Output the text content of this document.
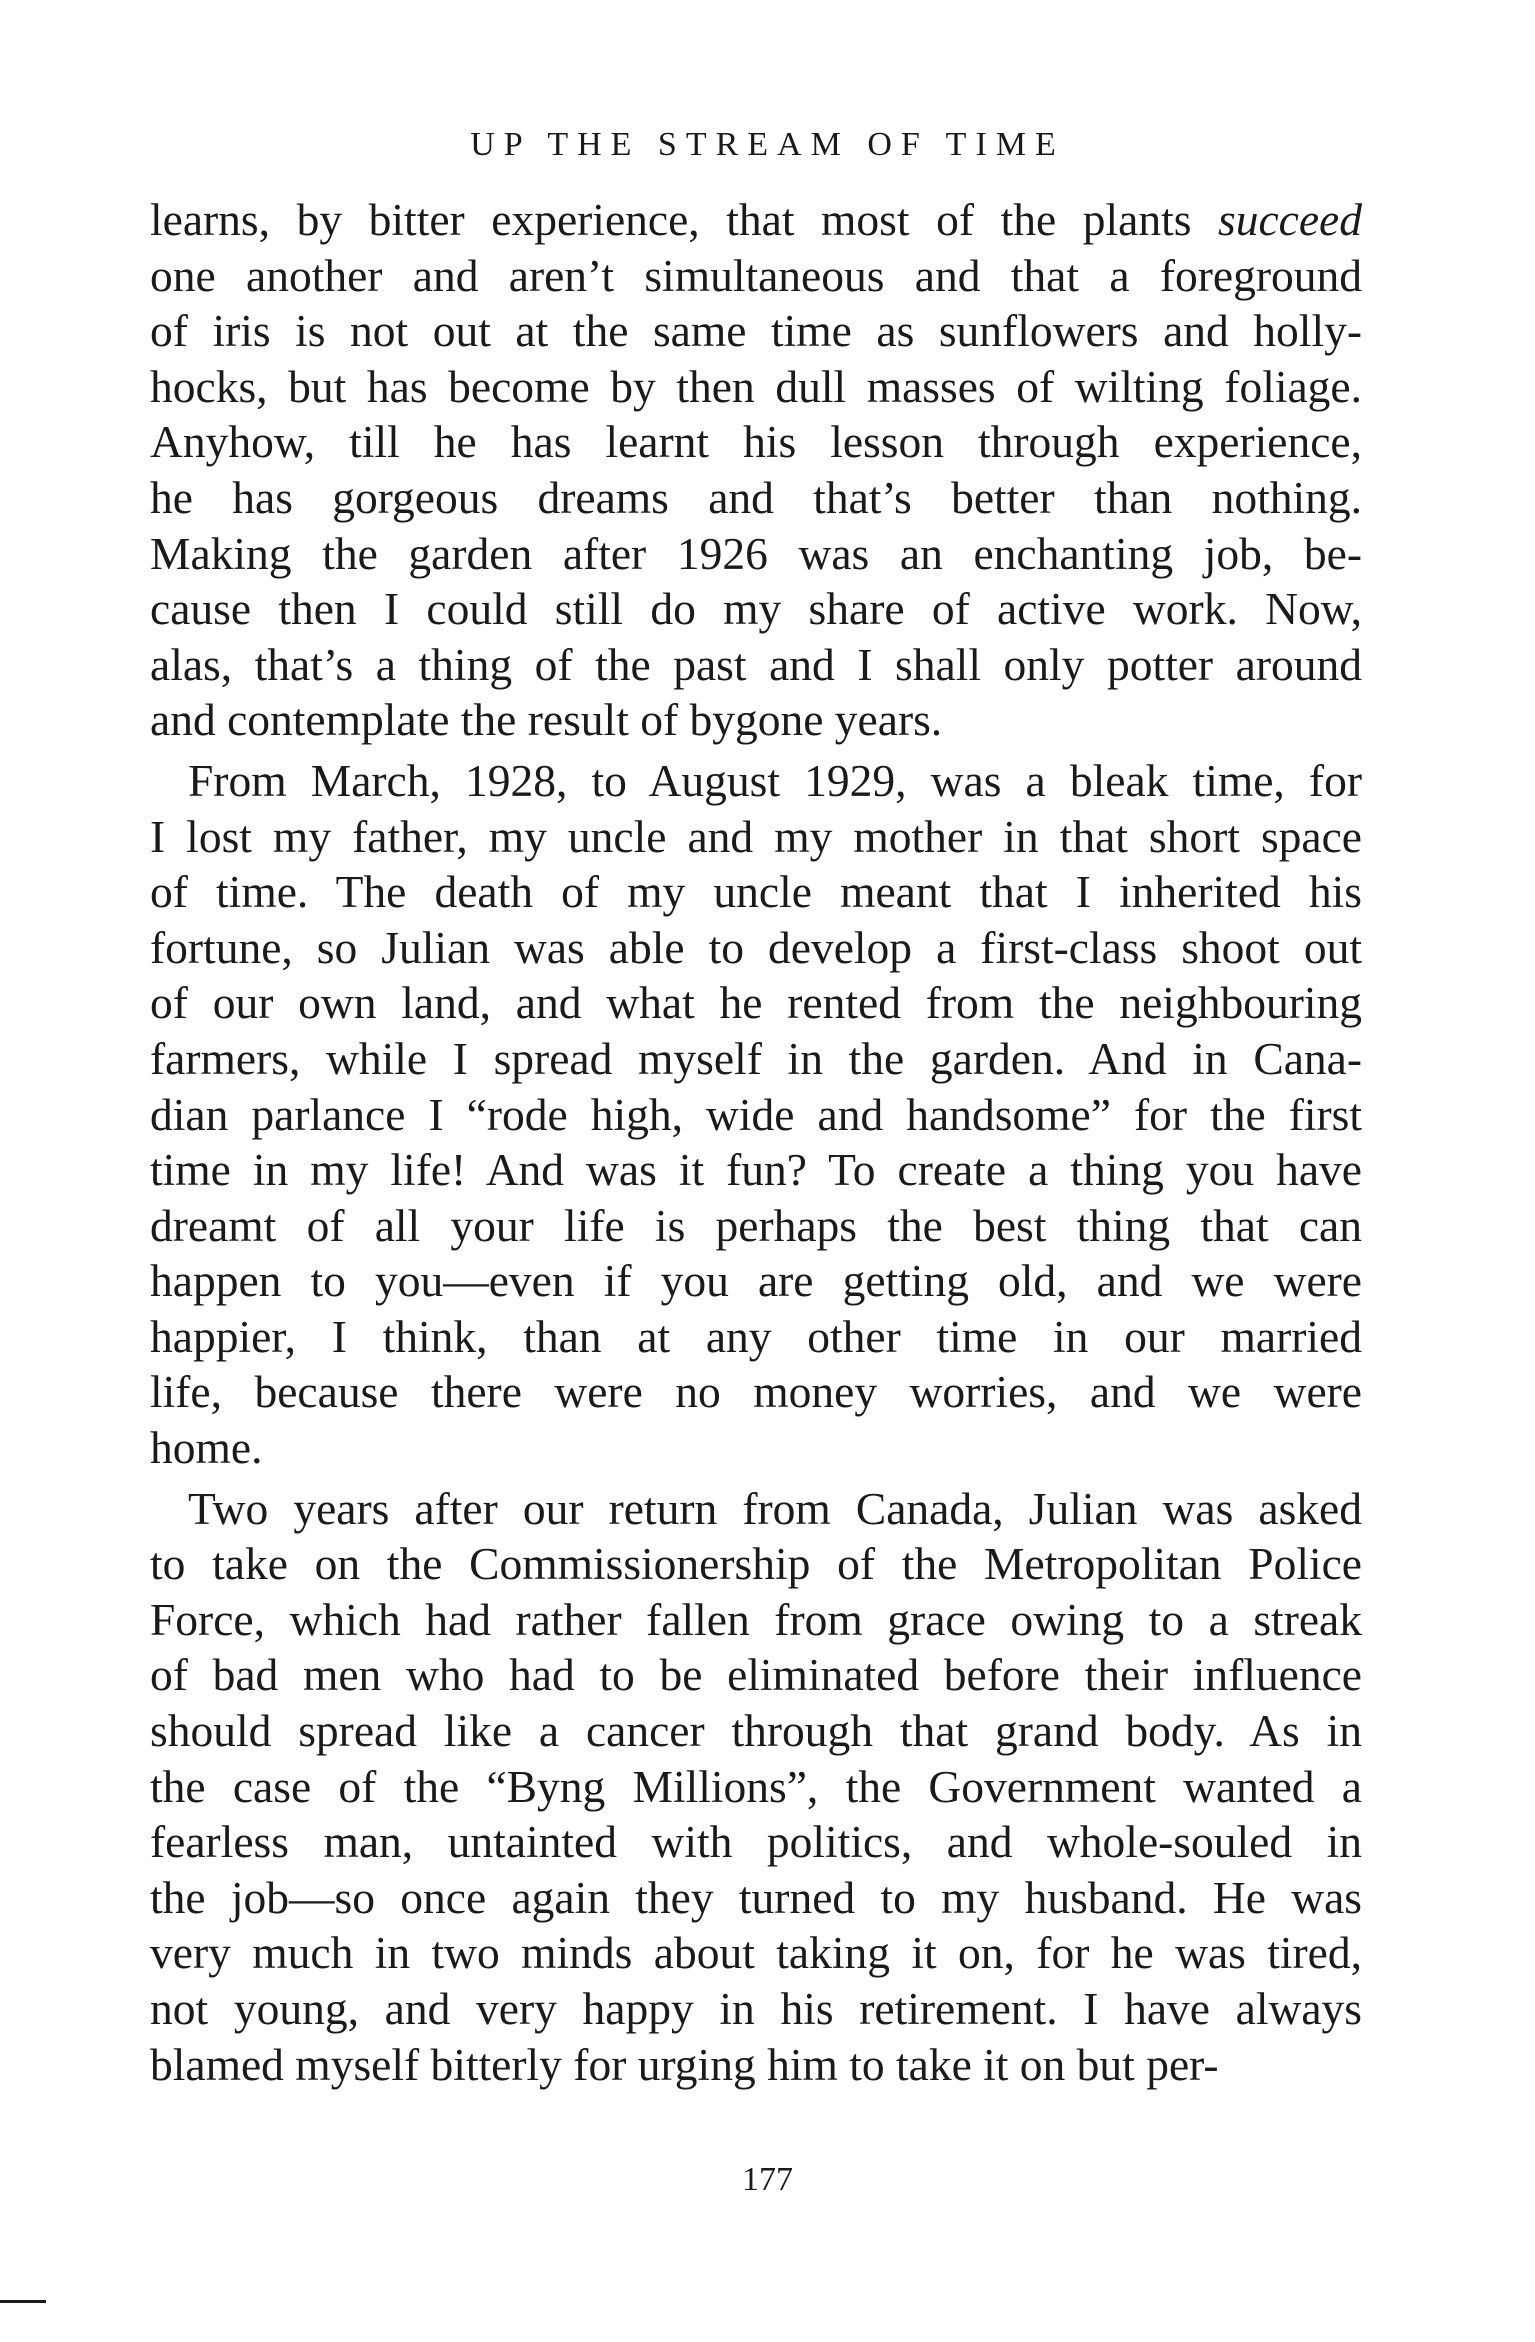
UP THE STREAM OF TIME
learns, by bitter experience, that most of the plants succeed
one another and aren’t simultaneous and that a foreground
of iris is not out at the same time as sunflowers and holly-
hocks, but has become by then dull masses of wilting foliage.
Anyhow, till he has learnt his lesson through experience,
he has gorgeous dreams and that’s better than nothing.
Making the garden after 1926 was an enchanting job, be-
cause then I could still do my share of active work. Now,
alas, that’s a thing of the past and I shall only potter around
and contemplate the result of bygone years.
From March, 1928, to August 1929, was a bleak time, for
I lost my father, my uncle and my mother in that short space
of time. The death of my uncle meant that I inherited his
fortune, so Julian was able to develop a first-class shoot out
of our own land, and what he rented from the neighbouring
farmers, while I spread myself in the garden. And in Cana-
dian parlance I “rode high, wide and handsome” for the first
time in my life! And was it fun? To create a thing you have
dreamt of all your life is perhaps the best thing that can
happen to you—even if you are getting old, and we were
happier, I think, than at any other time in our married
life, because there were no money worries, and we were
home.
Two years after our return from Canada, Julian was asked
to take on the Commissionership of the Metropolitan Police
Force, which had rather fallen from grace owing to a streak
of bad men who had to be eliminated before their influence
should spread like a cancer through that grand body. As in
the case of the “Byng Millions”, the Government wanted a
fearless man, untainted with politics, and whole-souled in
the job—so once again they turned to my husband. He was
very much in two minds about taking it on, for he was tired,
not young, and very happy in his retirement. I have always
blamed myself bitterly for urging him to take it on but per-
177
